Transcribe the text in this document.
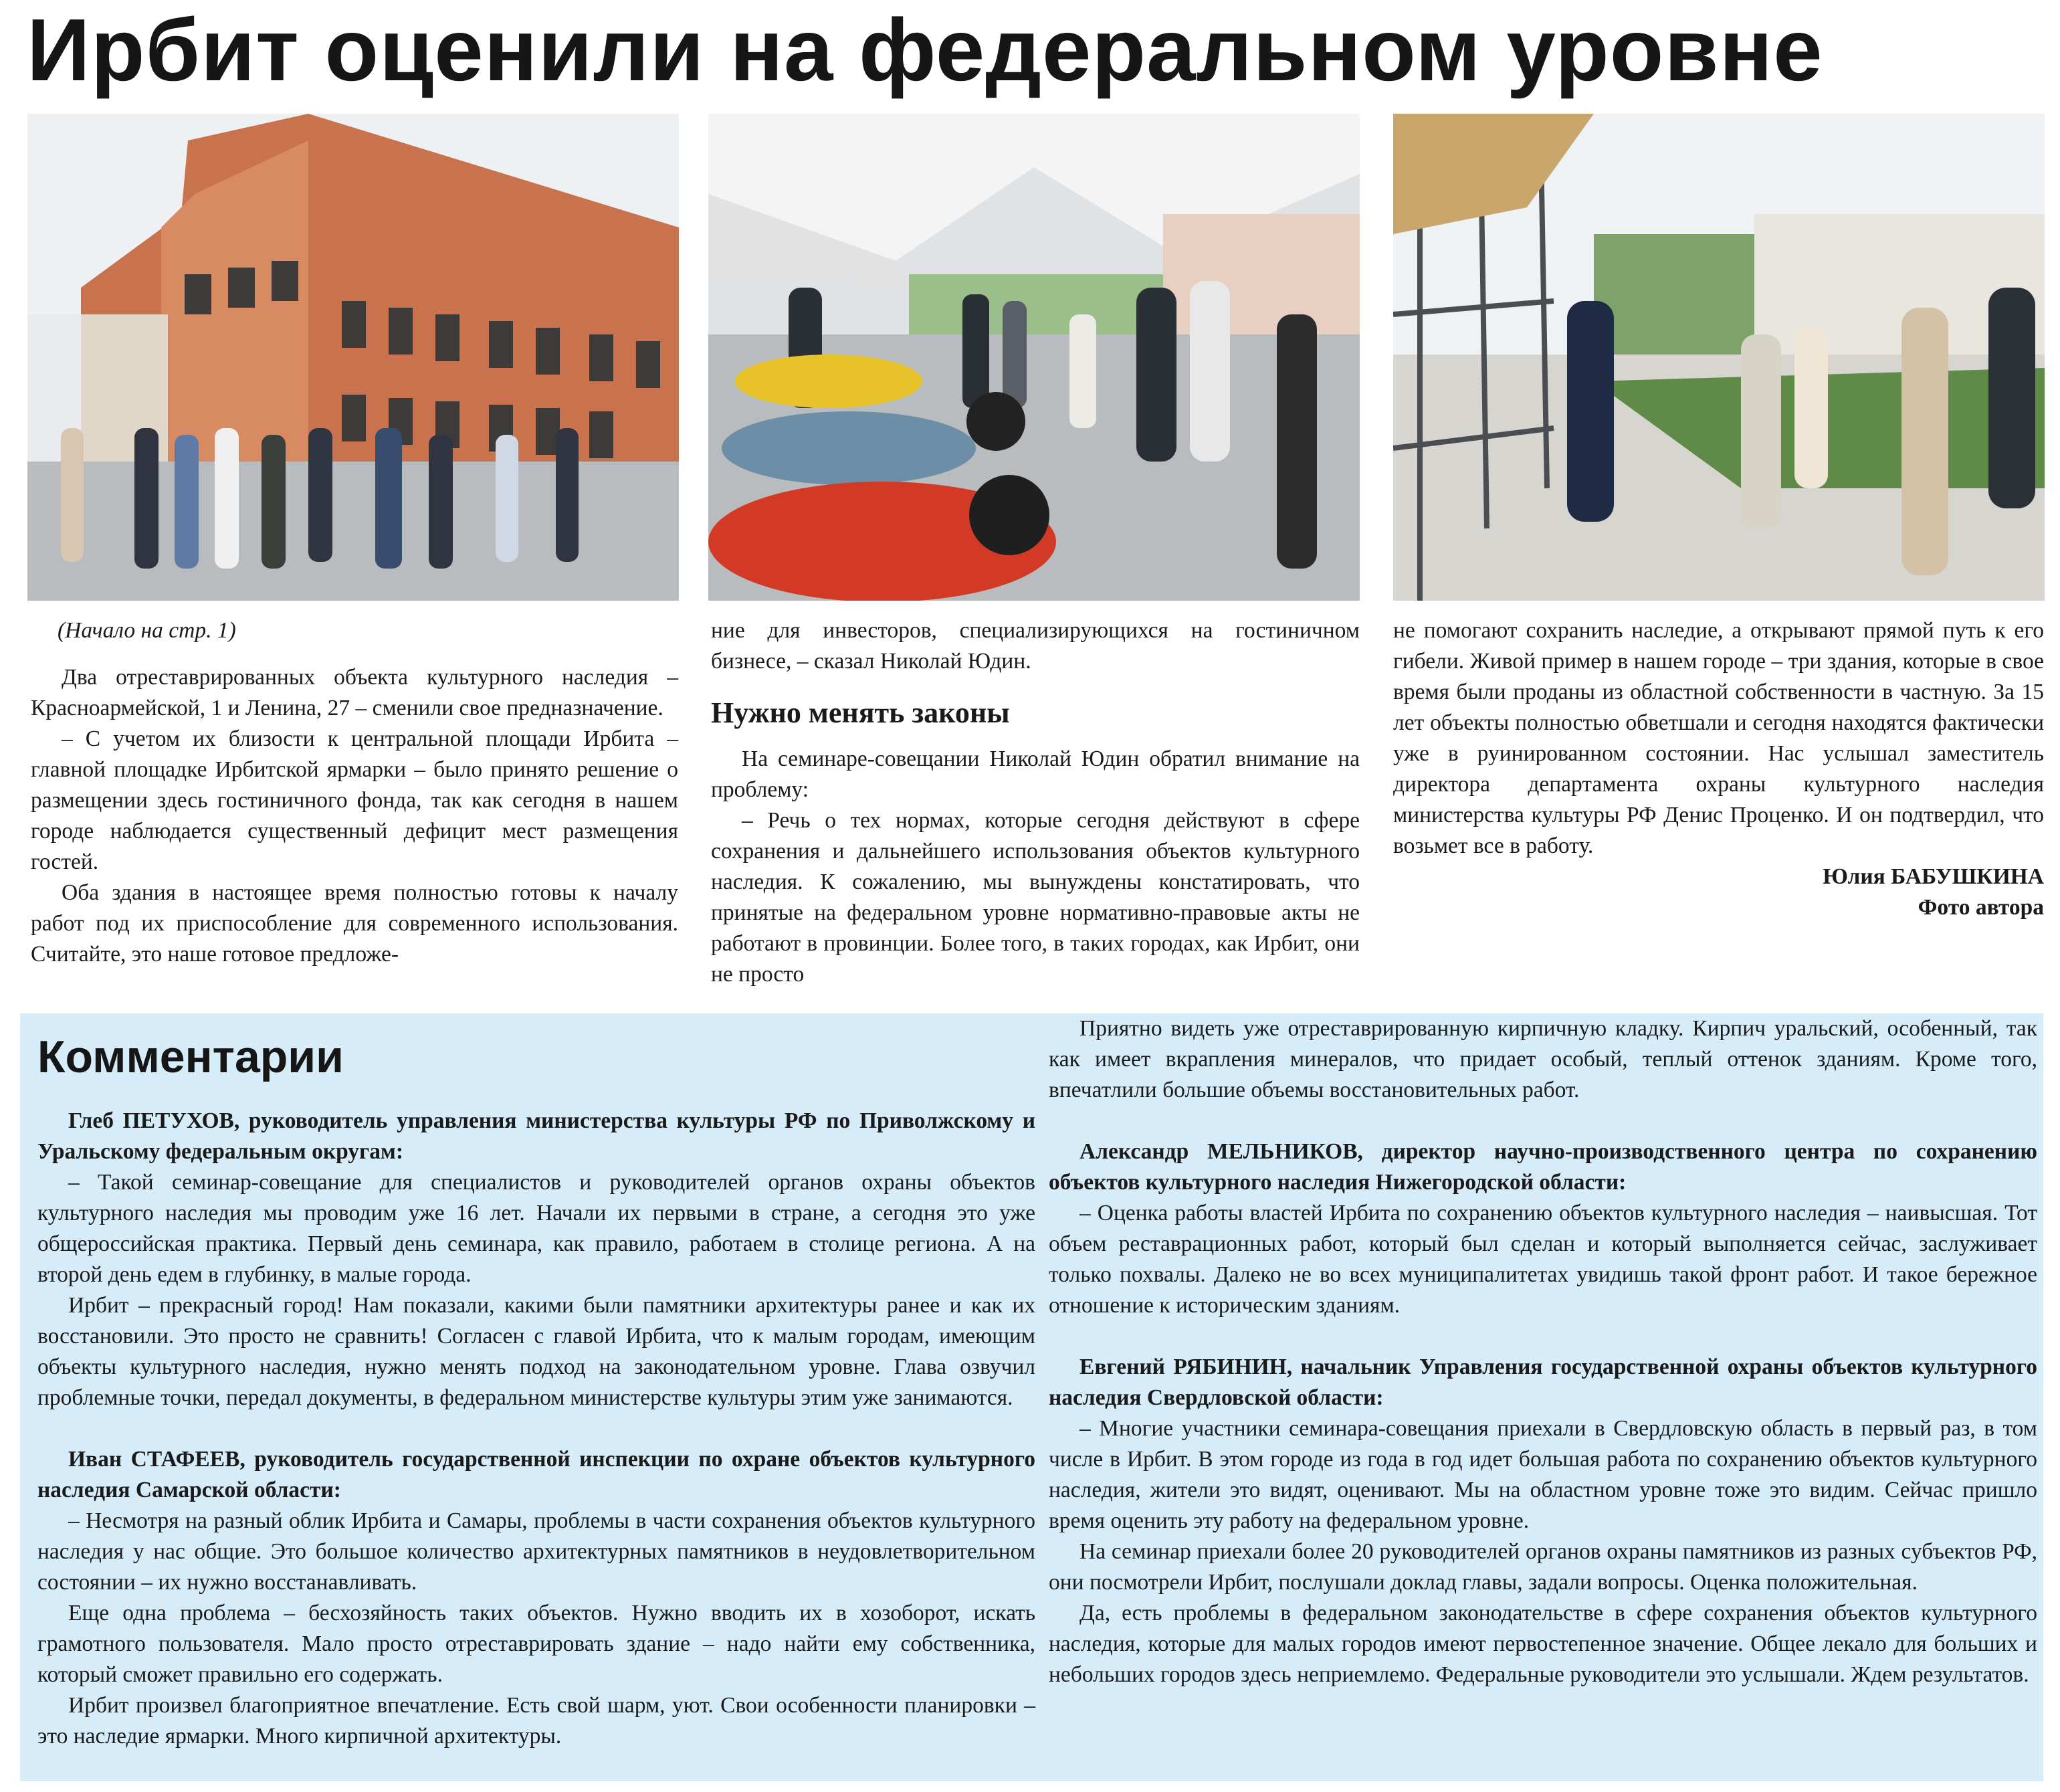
Ирбит оценили на федеральном уровне

(Начало на стр. 1)

Два отреставрированных объекта культурного наследия – Красноармейской, 1 и Ленина, 27 – сменили свое предназначение.

– С учетом их близости к центральной площади Ирбита – главной площадке Ирбитской ярмарки – было принято решение о размещении здесь гостиничного фонда, так как сегодня в нашем городе наблюдается существенный дефицит мест размещения гостей.

Оба здания в настоящее время полностью готовы к началу работ под их приспособление для современного использования. Считайте, это наше готовое предложе-

ние для инвесторов, специализирующихся на гостиничном бизнесе, – сказал Николай Юдин.

Нужно менять законы

На семинаре-совещании Николай Юдин обратил внимание на проблему:

– Речь о тех нормах, которые сегодня действуют в сфере сохранения и дальнейшего использования объектов культурного наследия. К сожалению, мы вынуждены констатировать, что принятые на федеральном уровне нормативно-правовые акты не работают в провинции. Более того, в таких городах, как Ирбит, они не просто

не помогают сохранить наследие, а открывают прямой путь к его гибели. Живой пример в нашем городе – три здания, которые в свое время были проданы из областной собственности в частную. За 15 лет объекты полностью обветшали и сегодня находятся фактически уже в руинированном состоянии. Нас услышал заместитель директора департамента охраны культурного наследия министерства культуры РФ Денис Проценко. И он подтвердил, что возьмет все в работу.

Юлия БАБУШКИНА

Фото автора

Комментарии

Глеб ПЕТУХОВ, руководитель управления министерства культуры РФ по Приволжскому и Уральскому федеральным округам:

– Такой семинар-совещание для специалистов и руководителей органов охраны объектов культурного наследия мы проводим уже 16 лет. Начали их первыми в стране, а сегодня это уже общероссийская практика. Первый день семинара, как правило, работаем в столице региона. А на второй день едем в глубинку, в малые города.

Ирбит – прекрасный город! Нам показали, какими были памятники архитектуры ранее и как их восстановили. Это просто не сравнить! Согласен с главой Ирбита, что к малым городам, имеющим объекты культурного наследия, нужно менять подход на законодательном уровне. Глава озвучил проблемные точки, передал документы, в федеральном министерстве культуры этим уже занимаются.

Иван СТАФЕЕВ, руководитель государственной инспекции по охране объектов культурного наследия Самарской области:

– Несмотря на разный облик Ирбита и Самары, проблемы в части сохранения объектов культурного наследия у нас общие. Это большое количество архитектурных памятников в неудовлетворительном состоянии – их нужно восстанавливать.

Еще одна проблема – бесхозяйность таких объектов. Нужно вводить их в хозоборот, искать грамотного пользователя. Мало просто отреставрировать здание – надо найти ему собственника, который сможет правильно его содержать.

Ирбит произвел благоприятное впечатление. Есть свой шарм, уют. Свои особенности планировки – это наследие ярмарки. Много кирпичной архитектуры.

Приятно видеть уже отреставрированную кирпичную кладку. Кирпич уральский, особенный, так как имеет вкрапления минералов, что придает особый, теплый оттенок зданиям. Кроме того, впечатлили большие объемы восстановительных работ.

Александр МЕЛЬНИКОВ, директор научно-производственного центра по сохранению объектов культурного наследия Нижегородской области:

– Оценка работы властей Ирбита по сохранению объектов культурного наследия – наивысшая. Тот объем реставрационных работ, который был сделан и который выполняется сейчас, заслуживает только похвалы. Далеко не во всех муниципалитетах увидишь такой фронт работ. И такое бережное отношение к историческим зданиям.

Евгений РЯБИНИН, начальник Управления государственной охраны объектов культурного наследия Свердловской области:

– Многие участники семинара-совещания приехали в Свердловскую область в первый раз, в том числе в Ирбит. В этом городе из года в год идет большая работа по сохранению объектов культурного наследия, жители это видят, оценивают. Мы на областном уровне тоже это видим. Сейчас пришло время оценить эту работу на федеральном уровне.

На семинар приехали более 20 руководителей органов охраны памятников из разных субъектов РФ, они посмотрели Ирбит, послушали доклад главы, задали вопросы. Оценка положительная.

Да, есть проблемы в федеральном законодательстве в сфере сохранения объектов культурного наследия, которые для малых городов имеют первостепенное значение. Общее лекало для больших и небольших городов здесь неприемлемо. Федеральные руководители это услышали. Ждем результатов.
